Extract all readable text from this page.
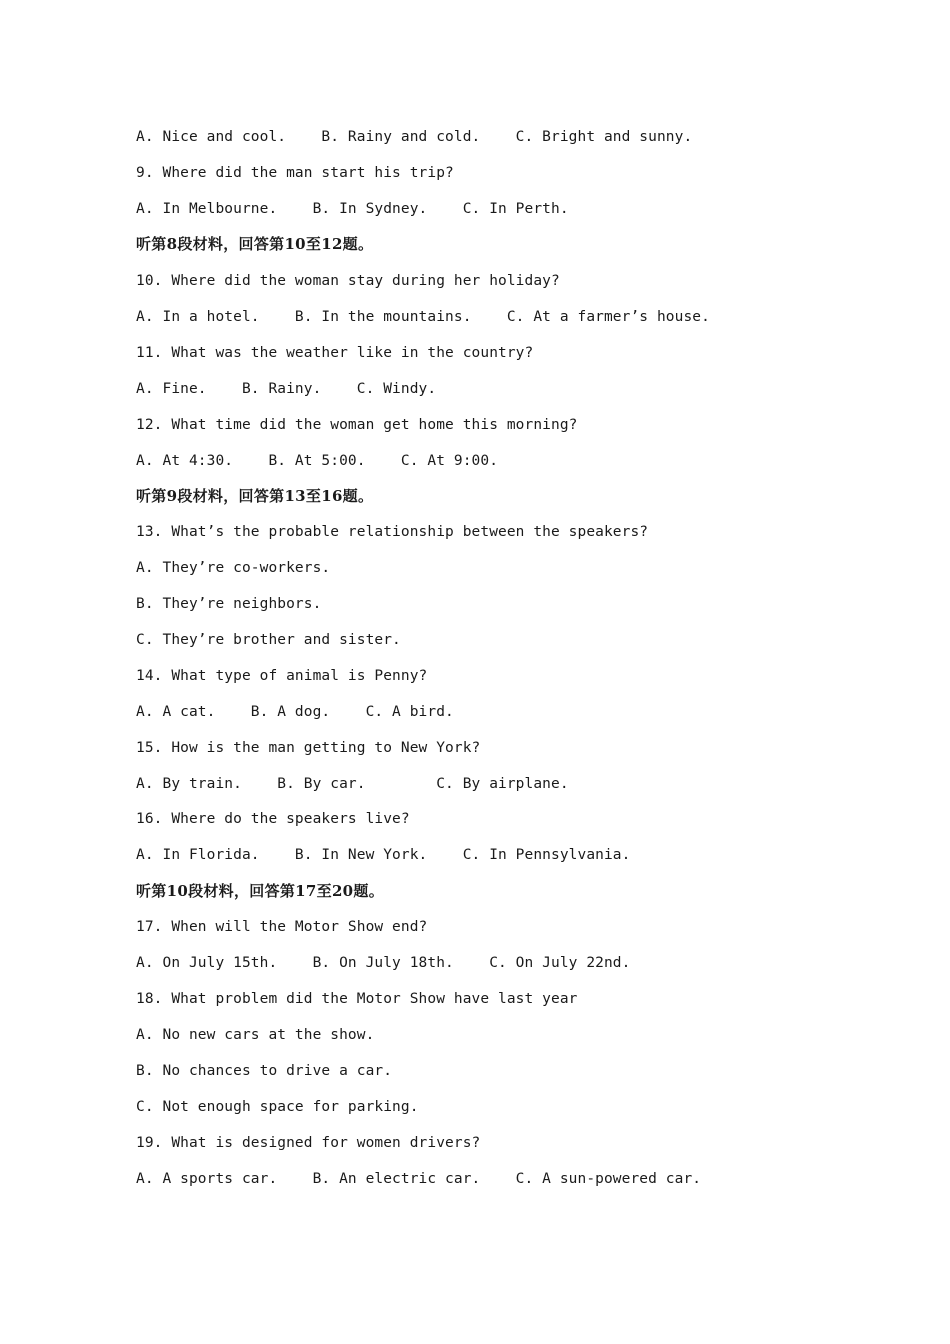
A. Nice and cool.    B. Rainy and cold.    C. Bright and sunny.
9. Where did the man start his trip?
A. In Melbourne.    B. In Sydney.    C. In Perth.
听第8段材料，回答第10至12题。
10. Where did the woman stay during her holiday?
A. In a hotel.    B. In the mountains.    C. At a farmer’s house.
11. What was the weather like in the country?
A. Fine.    B. Rainy.    C. Windy.
12. What time did the woman get home this morning?
A. At 4:30.    B. At 5:00.    C. At 9:00.
听第9段材料，回答第13至16题。
13. What’s the probable relationship between the speakers?
A. They’re co-workers.
B. They’re neighbors.
C. They’re brother and sister.
14. What type of animal is Penny?
A. A cat.    B. A dog.    C. A bird.
15. How is the man getting to New York?
A. By train.    B. By car.        C. By airplane.
16. Where do the speakers live?
A. In Florida.    B. In New York.    C. In Pennsylvania.
听第10段材料，回答第17至20题。
17. When will the Motor Show end?
A. On July 15th.    B. On July 18th.    C. On July 22nd.
18. What problem did the Motor Show have last year
A. No new cars at the show.
B. No chances to drive a car.
C. Not enough space for parking.
19. What is designed for women drivers?
A. A sports car.    B. An electric car.    C. A sun-powered car.
